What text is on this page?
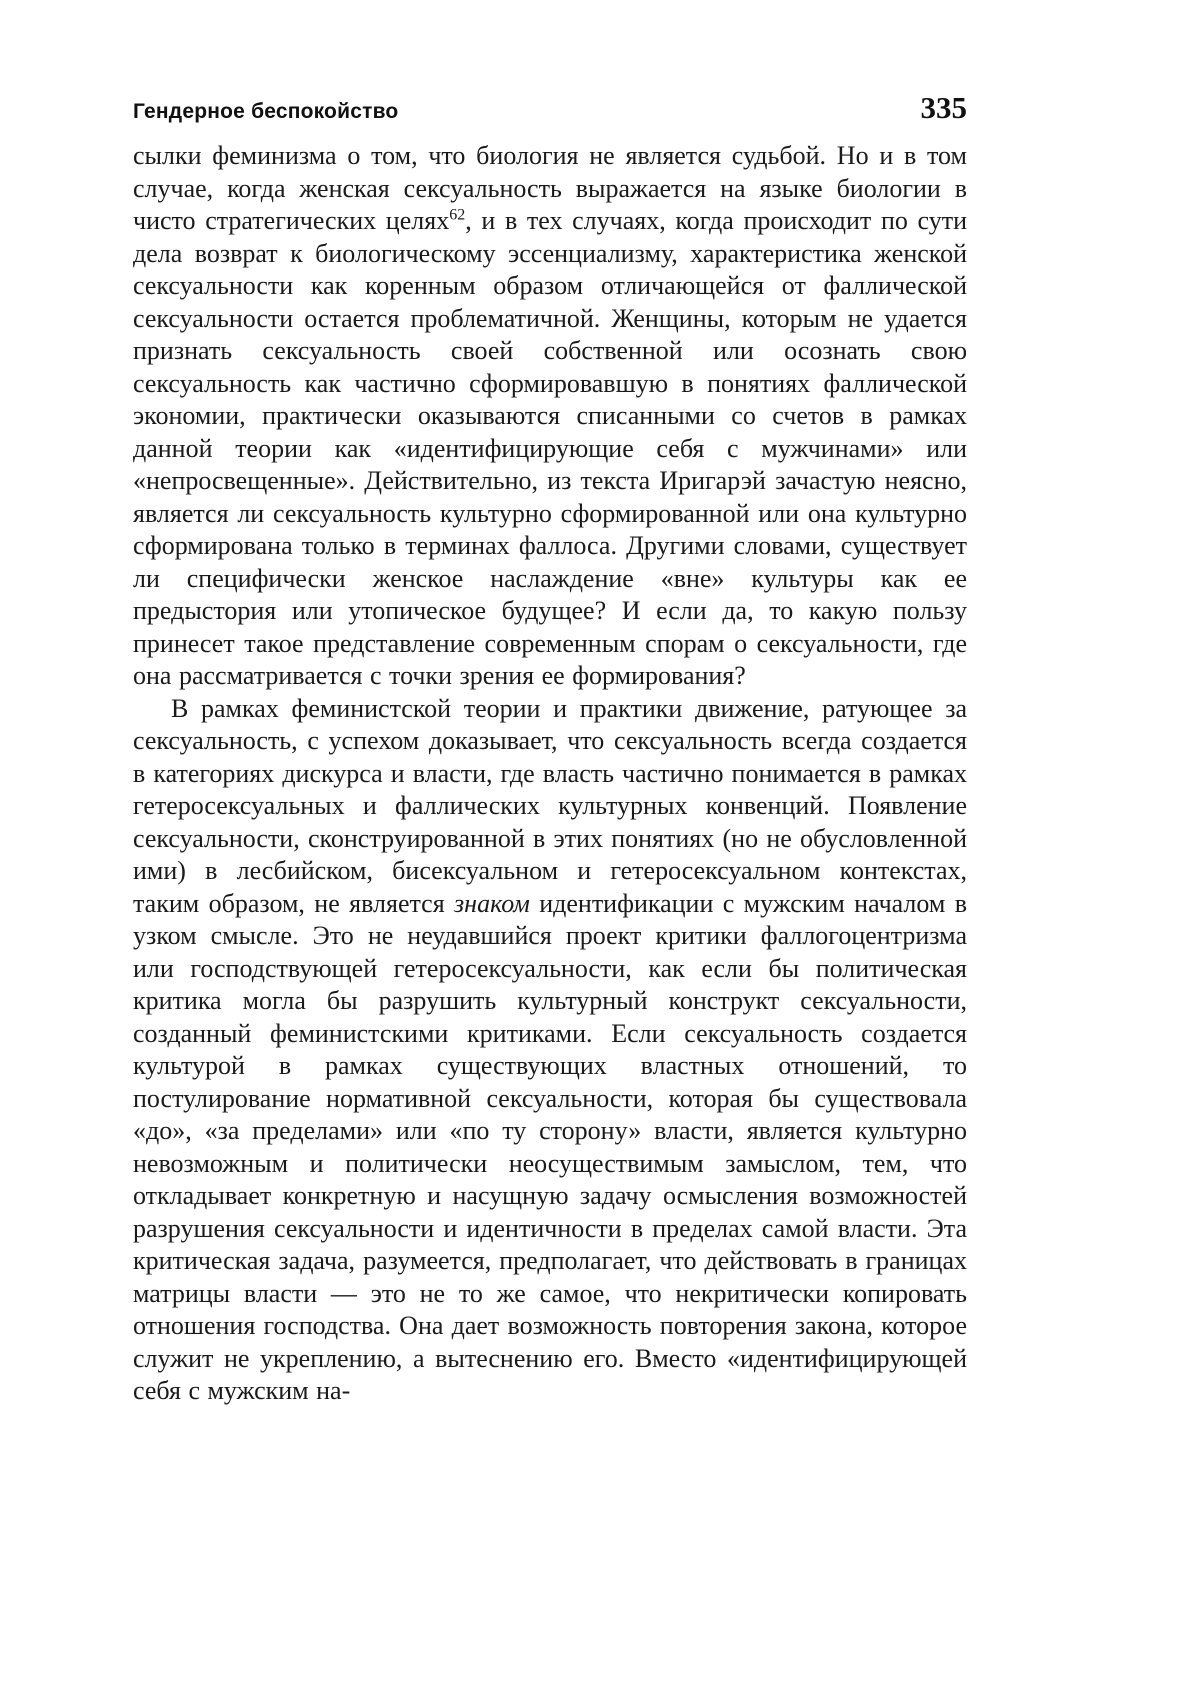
Гендерное беспокойство	335

сылки феминизма о том, что биология не является судьбой. Но и в том случае, когда женская сексуальность выражается на языке биологии в чисто стратегических целях$^{62}$, и в тех случаях, когда происходит по сути дела возврат к биологическому эссенциализму, характеристика женской сексуальности как коренным образом отличающейся от фаллической сексуальности остается проблематичной. Женщины, которым не удается признать сексуальность своей собственной или осознать свою сексуальность как частично сформировавшую в понятиях фаллической экономии, практически оказываются списанными со счетов в рамках данной теории как «идентифицирующие себя с мужчинами» или «непросвещенные». Действительно, из текста Иригарэй зачастую неясно, является ли сексуальность культурно сформированной или она культурно сформирована только в терминах фаллоса. Другими словами, существует ли специфически женское наслаждение «вне» культуры как ее предыстория или утопическое будущее? И если да, то какую пользу принесет такое представление современным спорам о сексуальности, где она рассматривается с точки зрения ее формирования?

В рамках феминистской теории и практики движение, ратующее за сексуальность, с успехом доказывает, что сексуальность всегда создается в категориях дискурса и власти, где власть частично понимается в рамках гетеросексуальных и фаллических культурных конвенций. Появление сексуальности, сконструированной в этих понятиях (но не обусловленной ими) в лесбийском, бисексуальном и гетеросексуальном контекстах, таким образом, не является знаком идентификации с мужским началом в узком смысле. Это не неудавшийся проект критики фаллогоцентризма или господствующей гетеросексуальности, как если бы политическая критика могла бы разрушить культурный конструкт сексуальности, созданный феминистскими критиками. Если сексуальность создается культурой в рамках существующих властных отношений, то постулирование нормативной сексуальности, которая бы существовала «до», «за пределами» или «по ту сторону» власти, является культурно невозможным и политически неосуществимым замыслом, тем, что откладывает конкретную и насущную задачу осмысления возможностей разрушения сексуальности и идентичности в пределах самой власти. Эта критическая задача, разумеется, предполагает, что действовать в границах матрицы власти — это не то же самое, что некритически копировать отношения господства. Она дает возможность повторения закона, которое служит не укреплению, а вытеснению его. Вместо «идентифицирующей себя с мужским на-
